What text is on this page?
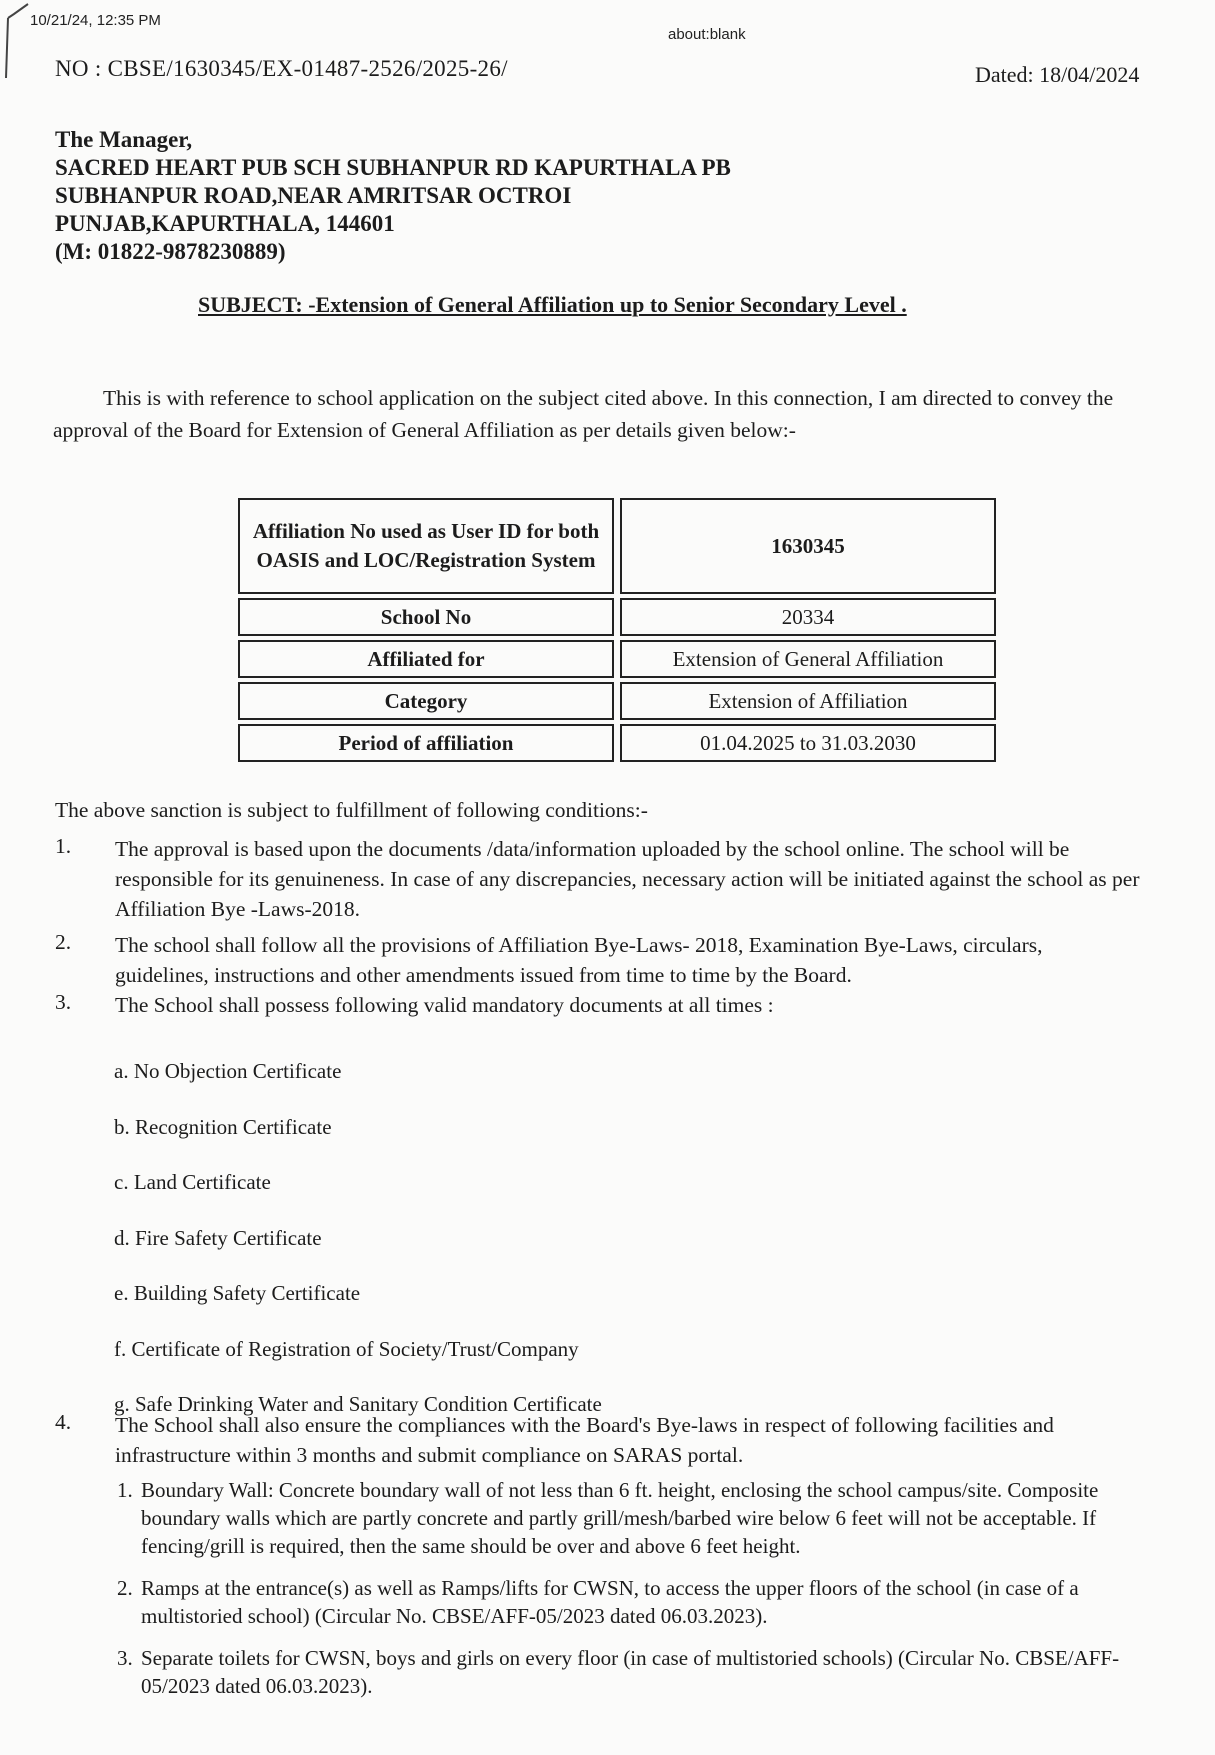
10/21/24, 12:35 PM
about:blank
NO : CBSE/1630345/EX-01487-2526/2025-26/	Dated: 18/04/2024
The Manager,
SACRED HEART PUB SCH SUBHANPUR RD KAPURTHALA PB
SUBHANPUR ROAD,NEAR AMRITSAR OCTROI
PUNJAB,KAPURTHALA, 144601
(M: 01822-9878230889)
SUBJECT: -Extension of General Affiliation up to Senior Secondary Level .
This is with reference to school application on the subject cited above. In this connection, I am directed to convey the approval of the Board for Extension of General Affiliation as per details given below:-
Affiliation No used as User ID for both OASIS and LOC/Registration System	1630345
School No	20334
Affiliated for	Extension of General Affiliation
Category	Extension of Affiliation
Period of affiliation	01.04.2025 to 31.03.2030
The above sanction is subject to fulfillment of following conditions:-
1. The approval is based upon the documents /data/information uploaded by the school online. The school will be responsible for its genuineness. In case of any discrepancies, necessary action will be initiated against the school as per Affiliation Bye -Laws-2018.
2. The school shall follow all the provisions of Affiliation Bye-Laws- 2018, Examination Bye-Laws, circulars, guidelines, instructions and other amendments issued from time to time by the Board.
3. The School shall possess following valid mandatory documents at all times :
a. No Objection Certificate
b. Recognition Certificate
c. Land Certificate
d. Fire Safety Certificate
e. Building Safety Certificate
f. Certificate of Registration of Society/Trust/Company
g. Safe Drinking Water and Sanitary Condition Certificate
4. The School shall also ensure the compliances with the Board's Bye-laws in respect of following facilities and infrastructure within 3 months and submit compliance on SARAS portal.
1. Boundary Wall: Concrete boundary wall of not less than 6 ft. height, enclosing the school campus/site. Composite boundary walls which are partly concrete and partly grill/mesh/barbed wire below 6 feet will not be acceptable. If fencing/grill is required, then the same should be over and above 6 feet height.
2. Ramps at the entrance(s) as well as Ramps/lifts for CWSN, to access the upper floors of the school (in case of a multistoried school) (Circular No. CBSE/AFF-05/2023 dated 06.03.2023).
3. Separate toilets for CWSN, boys and girls on every floor (in case of multistoried schools) (Circular No. CBSE/AFF-05/2023 dated 06.03.2023).
